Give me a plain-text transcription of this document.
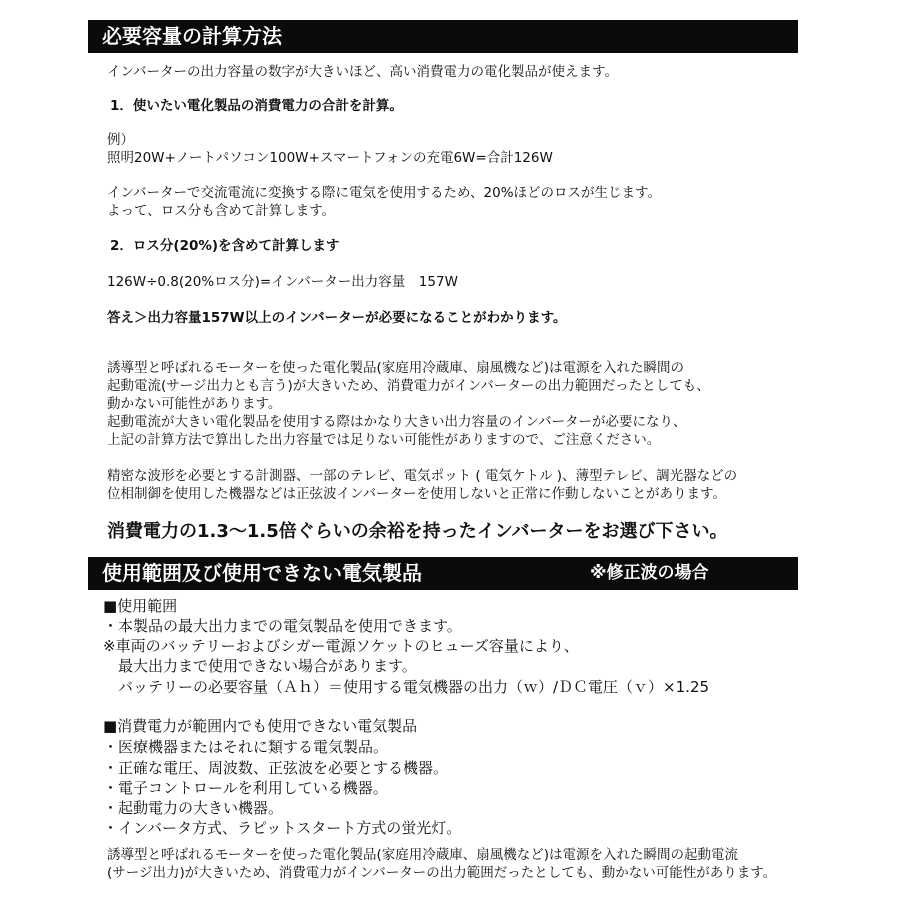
必要容量の計算方法
インバーターの出力容量の数字が大きいほど、高い消費電力の電化製品が使えます。
1．使いたい電化製品の消費電力の合計を計算。
例）
照明20W+ノートパソコン100W+スマートフォンの充電6W=合計126W
インバーターで交流電流に変換する際に電気を使用するため、20%ほどのロスが生じます。
よって、ロス分も含めて計算します。
2．ロス分(20%)を含めて計算します
126W÷0.8(20%ロス分)=インバーター出力容量　157W
答え＞出力容量157W以上のインバーターが必要になることがわかります。
誘導型と呼ばれるモーターを使った電化製品(家庭用冷蔵庫、扇風機など)は電源を入れた瞬間の
起動電流(サージ出力とも言う)が大きいため、消費電力がインバーターの出力範囲だったとしても、
動かない可能性があります。
起動電流が大きい電化製品を使用する際はかなり大きい出力容量のインバーターが必要になり、
上記の計算方法で算出した出力容量では足りない可能性がありますので、ご注意ください。
精密な波形を必要とする計測器、一部のテレビ、電気ポット ( 電気ケトル )、薄型テレビ、調光器などの
位相制御を使用した機器などは正弦波インバーターを使用しないと正常に作動しないことがあります。
消費電力の1.3～1.5倍ぐらいの余裕を持ったインバーターをお選び下さい。
使用範囲及び使用できない電気製品	※修正波の場合
■使用範囲
・本製品の最大出力までの電気製品を使用できます。
※車両のバッテリーおよびシガー電源ソケットのヒューズ容量により、
最大出力まで使用できない場合があります。
バッテリーの必要容量（Ａｈ）＝使用する電気機器の出力（ｗ）/ＤＣ電圧（ｖ）×1.25
■消費電力が範囲内でも使用できない電気製品
・医療機器またはそれに類する電気製品。
・正確な電圧、周波数、正弦波を必要とする機器。
・電子コントロールを利用している機器。
・起動電力の大きい機器。
・インバータ方式、ラピットスタート方式の蛍光灯。
誘導型と呼ばれるモーターを使った電化製品(家庭用冷蔵庫、扇風機など)は電源を入れた瞬間の起動電流
(サージ出力)が大きいため、消費電力がインバーターの出力範囲だったとしても、動かない可能性があります。
